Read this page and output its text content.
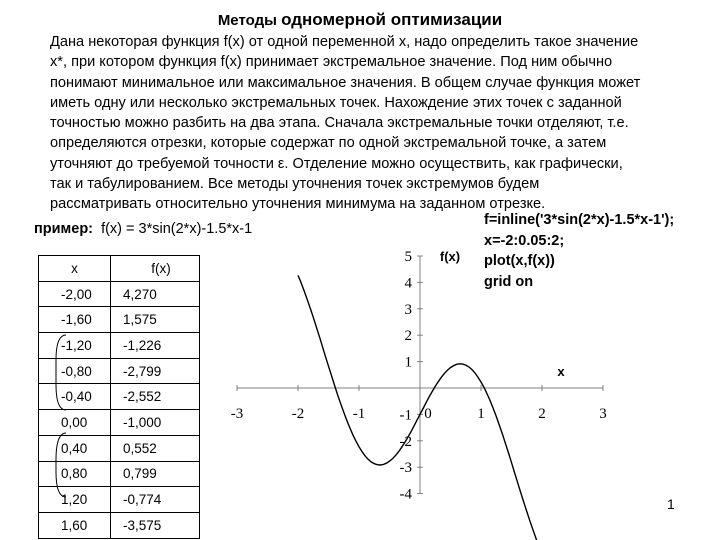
Методы одномерной оптимизации
Дана некоторая функция f(x) от одной переменной x, надо определить такое значение
x*, при котором функция f(x) принимает экстремальное значение. Под ним обычно
понимают минимальное или максимальное значения. В общем случае функция может
иметь одну или несколько экстремальных точек. Нахождение этих точек с заданной
точностью можно разбить на два этапа. Сначала экстремальные точки отделяют, т.е.
определяются отрезки, которые содержат по одной экстремальной точке, а затем
уточняют до требуемой точности ε. Отделение можно осуществить, как графически,
так и табулированием. Все методы уточнения точек экстремумов будем
рассматривать относительно уточнения минимума на заданном отрезке.
пример: f(x) = 3*sin(2*x)-1.5*x-1
x	f(x)
-2,00	4,270
-1,60	1,575
-1,20	-1,226
-0,80	-2,799
-0,40	-2,552
0,00	-1,000
0,40	0,552
0,80	0,799
1,20	-0,774
1,60	-3,575
f=inline('3*sin(2*x)-1.5*x-1');
x=-2:0.05:2;
plot(x,f(x))
grid on
-3	-2	-1	1	2	3
5
4
3
2
1
-1
-2
-3
-4
0
x
f(x)
1
